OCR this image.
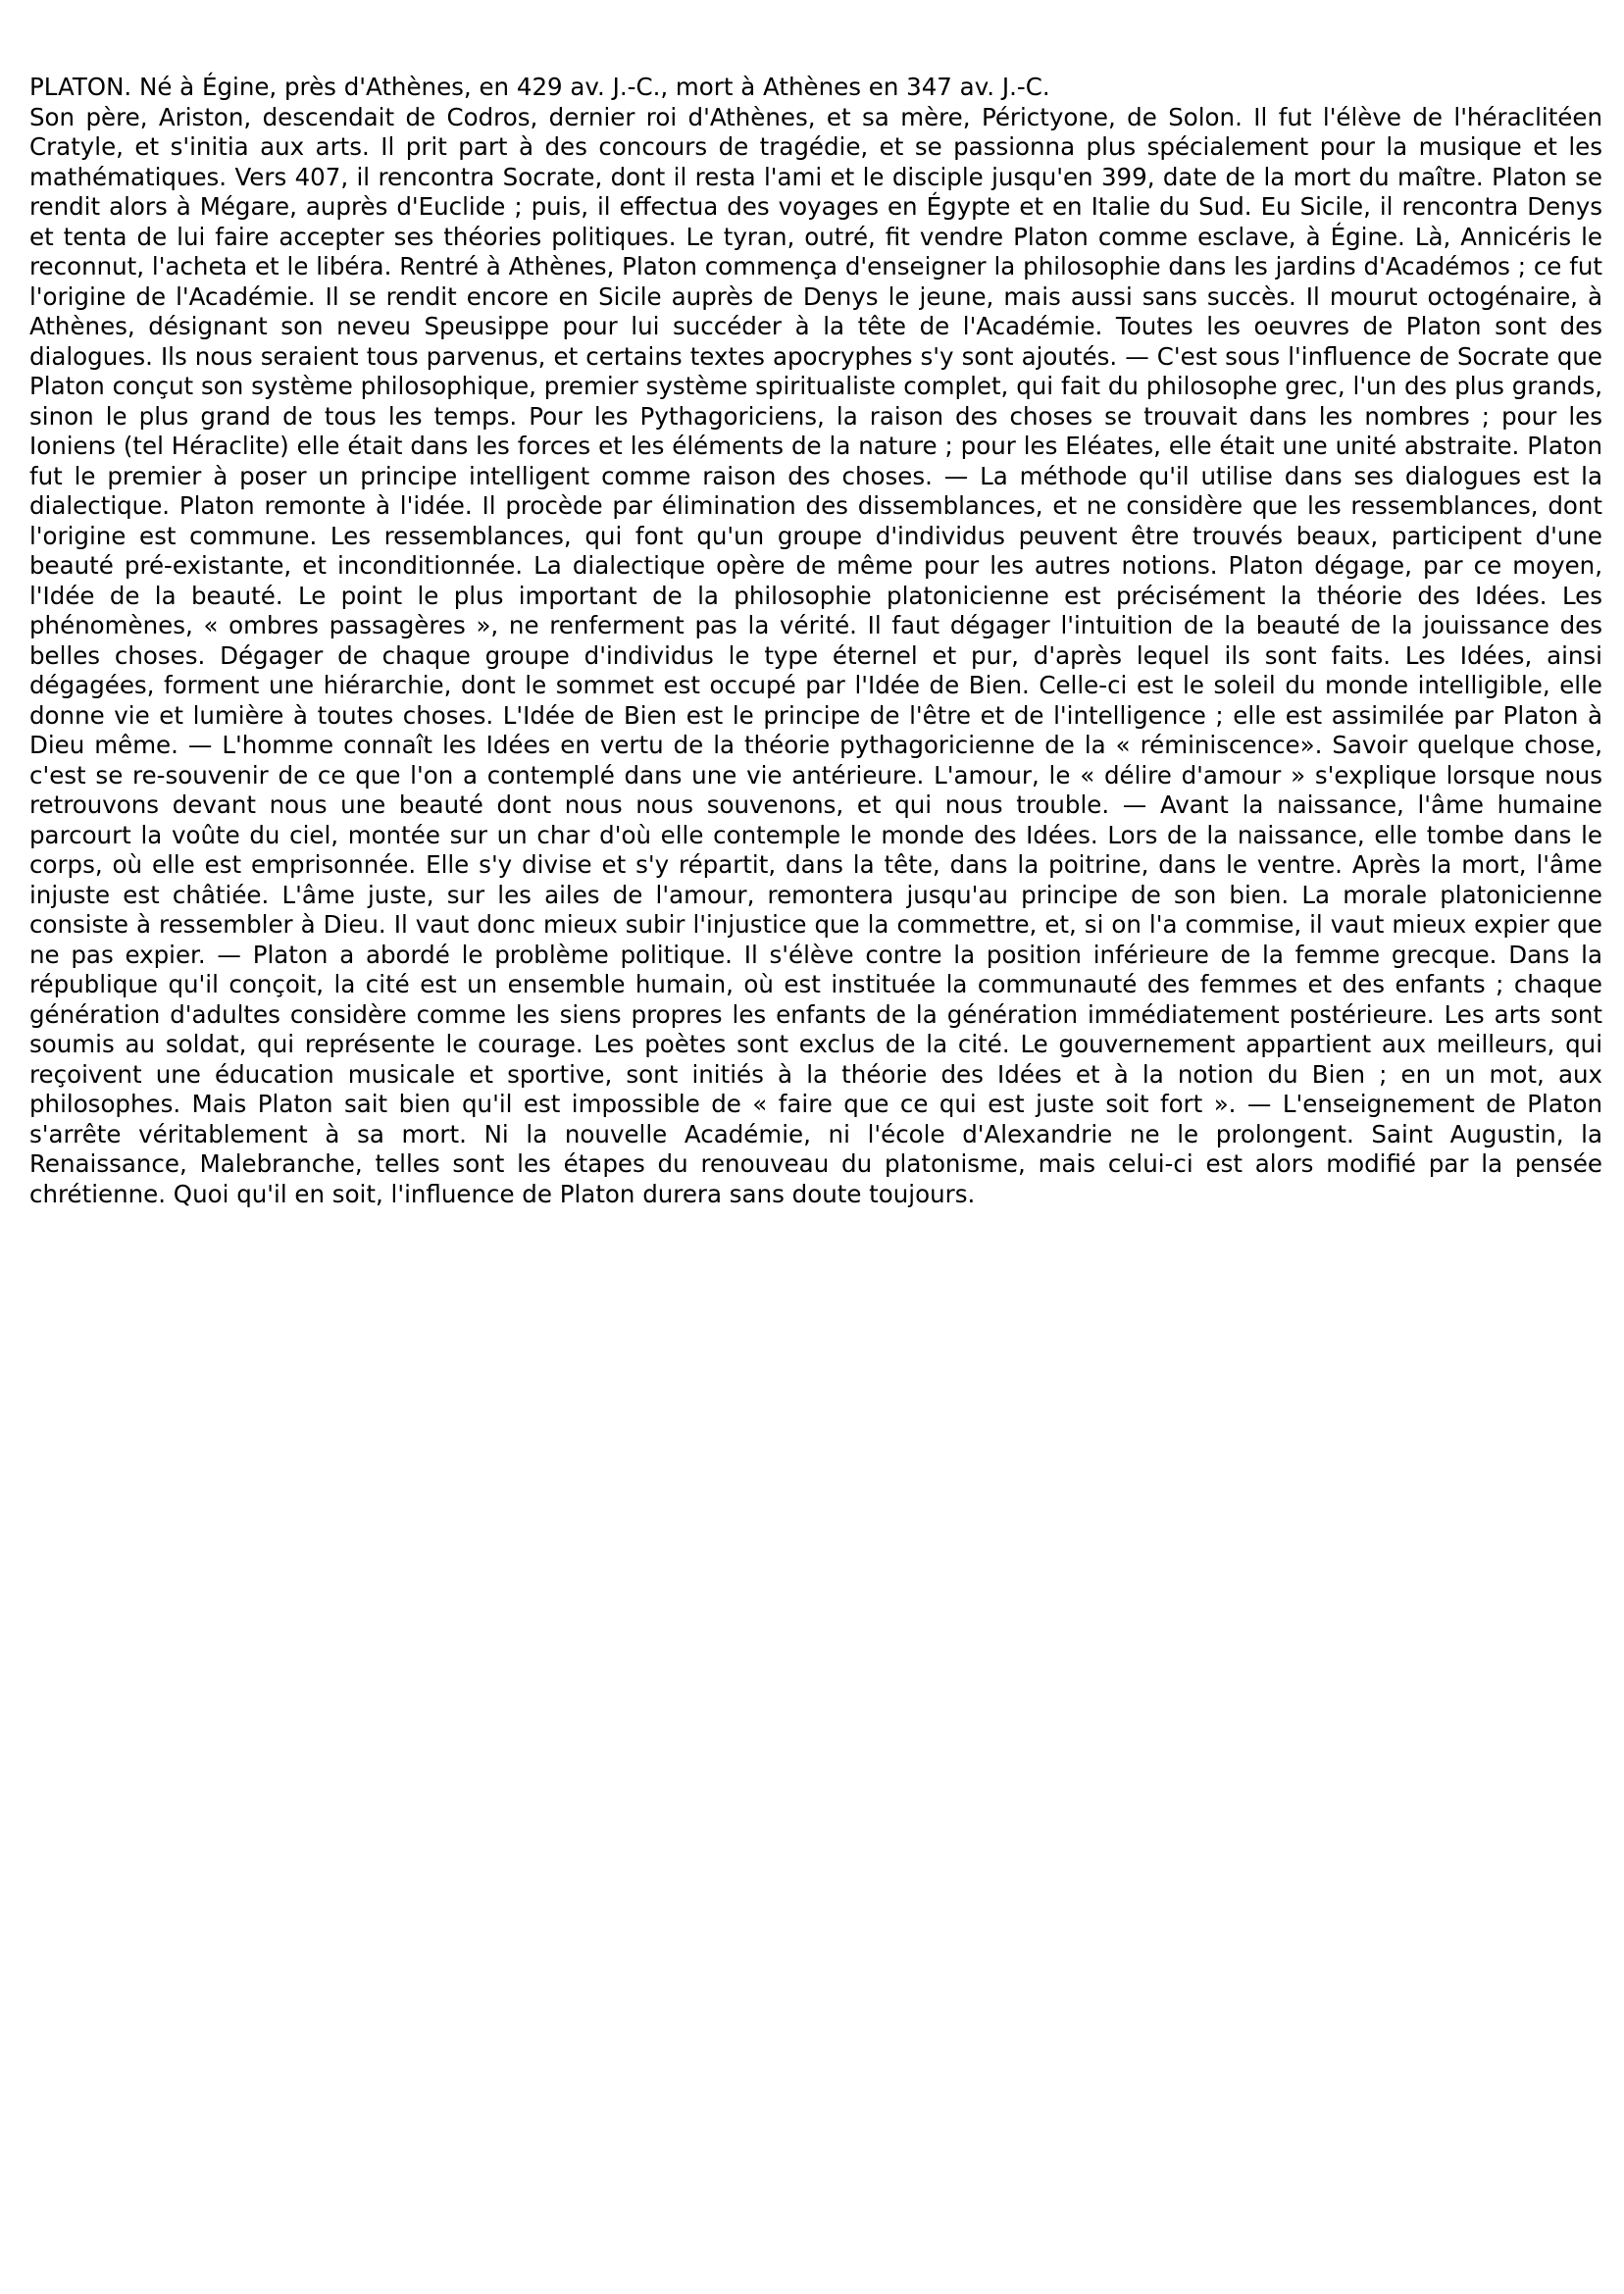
PLATON. Né à Égine, près d'Athènes, en 429 av. J.-C., mort à Athènes en 347 av. J.-C.

Son père, Ariston, descendait de Codros, dernier roi d'Athènes, et sa mère, Périctyone, de Solon. Il fut l'élève de l'héraclitéen Cratyle, et s'initia aux arts. Il prit part à des concours de tragédie, et se passionna plus spécialement pour la musique et les mathématiques. Vers 407, il rencontra Socrate, dont il resta l'ami et le disciple jusqu'en 399, date de la mort du maître. Platon se rendit alors à Mégare, auprès d'Euclide ; puis, il effectua des voyages en Égypte et en Italie du Sud. Eu Sicile, il rencontra Denys et tenta de lui faire accepter ses théories politiques. Le tyran, outré, fit vendre Platon comme esclave, à Égine. Là, Annicéris le reconnut, l'acheta et le libéra. Rentré à Athènes, Platon commença d'enseigner la philosophie dans les jardins d'Académos ; ce fut l'origine de l'Académie. Il se rendit encore en Sicile auprès de Denys le jeune, mais aussi sans succès. Il mourut octogénaire, à Athènes, désignant son neveu Speusippe pour lui succéder à la tête de l'Académie. Toutes les oeuvres de Platon sont des dialogues. Ils nous seraient tous parvenus, et certains textes apocryphes s'y sont ajoutés. — C'est sous l'influence de Socrate que Platon conçut son système philosophique, premier système spiritualiste complet, qui fait du philosophe grec, l'un des plus grands, sinon le plus grand de tous les temps. Pour les Pythagoriciens, la raison des choses se trouvait dans les nombres ; pour les Ioniens (tel Héraclite) elle était dans les forces et les éléments de la nature ; pour les Eléates, elle était une unité abstraite. Platon fut le premier à poser un principe intelligent comme raison des choses. — La méthode qu'il utilise dans ses dialogues est la dialectique. Platon remonte à l'idée. Il procède par élimination des dissemblances, et ne considère que les ressemblances, dont l'origine est commune. Les ressemblances, qui font qu'un groupe d'individus peuvent être trouvés beaux, participent d'une beauté pré-existante, et inconditionnée. La dialectique opère de même pour les autres notions. Platon dégage, par ce moyen, l'Idée de la beauté. Le point le plus important de la philosophie platonicienne est précisément la théorie des Idées. Les phénomènes, « ombres passagères », ne renferment pas la vérité. Il faut dégager l'intuition de la beauté de la jouissance des belles choses. Dégager de chaque groupe d'individus le type éternel et pur, d'après lequel ils sont faits. Les Idées, ainsi dégagées, forment une hiérarchie, dont le sommet est occupé par l'Idée de Bien. Celle-ci est le soleil du monde intelligible, elle donne vie et lumière à toutes choses. L'Idée de Bien est le principe de l'être et de l'intelligence ; elle est assimilée par Platon à Dieu même. — L'homme connaît les Idées en vertu de la théorie pythagoricienne de la « réminiscence». Savoir quelque chose, c'est se re-souvenir de ce que l'on a contemplé dans une vie antérieure. L'amour, le « délire d'amour » s'explique lorsque nous retrouvons devant nous une beauté dont nous nous souvenons, et qui nous trouble. — Avant la naissance, l'âme humaine parcourt la voûte du ciel, montée sur un char d'où elle contemple le monde des Idées. Lors de la naissance, elle tombe dans le corps, où elle est emprisonnée. Elle s'y divise et s'y répartit, dans la tête, dans la poitrine, dans le ventre. Après la mort, l'âme injuste est châtiée. L'âme juste, sur les ailes de l'amour, remontera jusqu'au principe de son bien. La morale platonicienne consiste à ressembler à Dieu. Il vaut donc mieux subir l'injustice que la commettre, et, si on l'a commise, il vaut mieux expier que ne pas expier. — Platon a abordé le problème politique. Il s'élève contre la position inférieure de la femme grecque. Dans la république qu'il conçoit, la cité est un ensemble humain, où est instituée la communauté des femmes et des enfants ; chaque génération d'adultes considère comme les siens propres les enfants de la génération immédiatement postérieure. Les arts sont soumis au soldat, qui représente le courage. Les poètes sont exclus de la cité. Le gouvernement appartient aux meilleurs, qui reçoivent une éducation musicale et sportive, sont initiés à la théorie des Idées et à la notion du Bien ; en un mot, aux philosophes. Mais Platon sait bien qu'il est impossible de « faire que ce qui est juste soit fort ». — L'enseignement de Platon s'arrête véritablement à sa mort. Ni la nouvelle Académie, ni l'école d'Alexandrie ne le prolongent. Saint Augustin, la Renaissance, Malebranche, telles sont les étapes du renouveau du platonisme, mais celui-ci est alors modifié par la pensée chrétienne. Quoi qu'il en soit, l'influence de Platon durera sans doute toujours.
